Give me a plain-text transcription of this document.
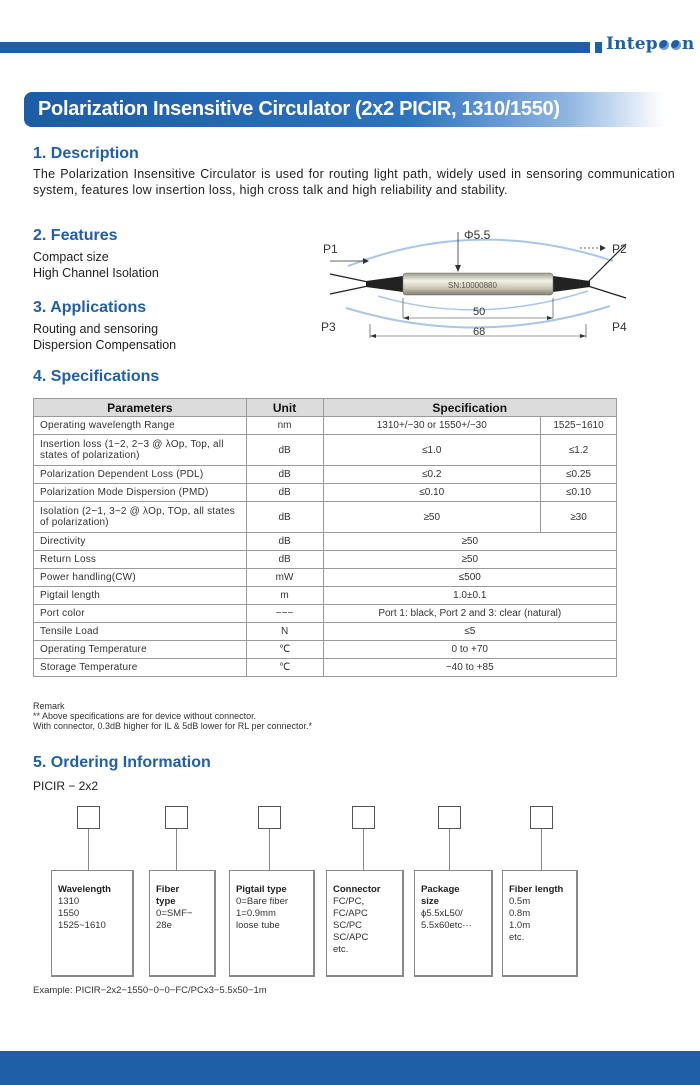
Intep n
Polarization Insensitive Circulator (2x2 PICIR, 1310/1550)
1. Description
The Polarization Insensitive Circulator is used for routing light path, widely used in sensoring communication system, features low insertion loss, high cross talk and high reliability and stability.
2. Features
Compact size
High Channel Isolation
3. Applications
Routing and sensoring
Dispersion Compensation
SN:10000880
Φ5.5
P1	P2
P3	P4
50
68
4. Specifications
Parameters	Unit	Specification	
Operating wavelength Range	nm	1310+/−30 or 1550+/−30	1525~1610
Insertion loss (1−2, 2−3 @ λOp, Top, all states of polarization)	dB	≤1.0	≤1.2
Polarization Dependent Loss (PDL)	dB	≤0.2	≤0.25
Polarization Mode Dispersion (PMD)	dB	≤0.10	≤0.10
Isolation (2−1, 3−2 @ λOp, TOp, all states of polarization)	dB	≥50	≥30
Directivity	dB	≥50	
Return Loss	dB	≥50	
Power handling(CW)	mW	≤500	
Pigtail length	m	1.0±0.1	
Port color	−−−	Port 1: black, Port 2 and 3: clear (natural)	
Tensile Load	N	≤5	
Operating Temperature	℃	0 to +70	
Storage Temperature	℃	−40 to +85	
Remark
** Above specifications are for device without connector.
With connector, 0.3dB higher for IL & 5dB lower for RL per connector.*
5. Ordering Information
PICIR − 2x2
Wavelength
1310
1550
1525~1610
Fiber
type
0=SMF−
28e
Pigtail type
0=Bare fiber
1=0.9mm
loose tube
Connector
FC/PC,
FC/APC
SC/PC
SC/APC
etc.
Package
size
ϕ5.5xL50/
5.5x60etc···
Fiber length
0.5m
0.8m
1.0m
etc.
Example: PICIR−2x2−1550−0−0−FC/PCx3−5.5x50−1m
